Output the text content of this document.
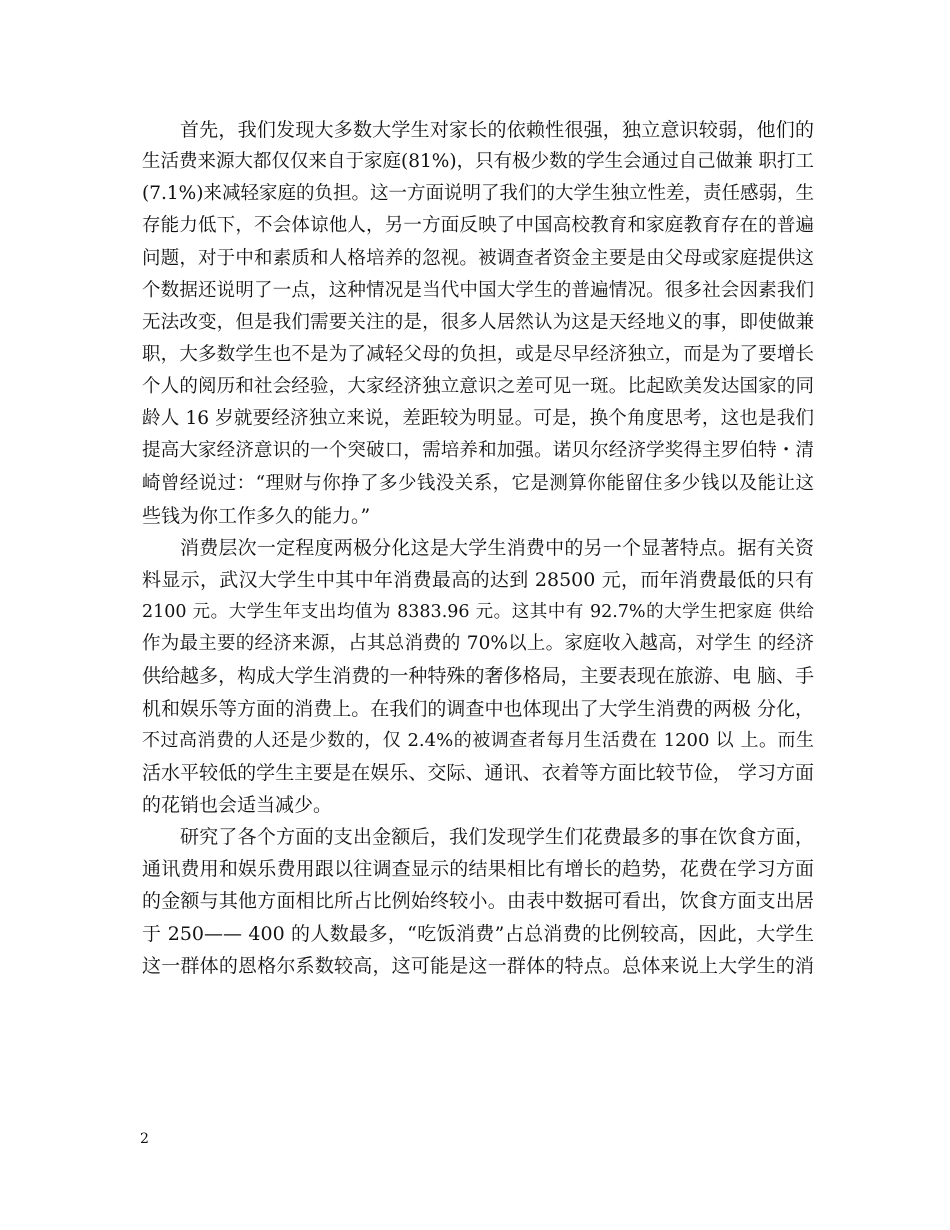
首先，我们发现大多数大学生对家长的依赖性很强，独立意识较弱，他们的
生活费来源大都仅仅来自于家庭(81%)，只有极少数的学生会通过自己做兼 职打工
(7.1%)来减轻家庭的负担。这一方面说明了我们的大学生独立性差，责任感弱，生
存能力低下，不会体谅他人，另一方面反映了中国高校教育和家庭教育存在的普遍
问题，对于中和素质和人格培养的忽视。被调查者资金主要是由父母或家庭提供这
个数据还说明了一点，这种情况是当代中国大学生的普遍情况。很多社会因素我们
无法改变，但是我们需要关注的是，很多人居然认为这是天经地义的事，即使做兼
职，大多数学生也不是为了减轻父母的负担，或是尽早经济独立，而是为了要增长
个人的阅历和社会经验，大家经济独立意识之差可见一斑。比起欧美发达国家的同
龄人 16 岁就要经济独立来说，差距较为明显。可是，换个角度思考，这也是我们
提高大家经济意识的一个突破口，需培养和加强。诺贝尔经济学奖得主罗伯特・清
崎曾经说过：“理财与你挣了多少钱没关系，它是测算你能留住多少钱以及能让这
些钱为你工作多久的能力。”
消费层次一定程度两极分化这是大学生消费中的另一个显著特点。据有关资
料显示，武汉大学生中其中年消费最高的达到 28500 元，而年消费最低的只有
2100 元。大学生年支出均值为 8383.96 元。这其中有 92.7%的大学生把家庭 供给
作为最主要的经济来源，占其总消费的 70%以上。家庭收入越高，对学生 的经济
供给越多，构成大学生消费的一种特殊的奢侈格局，主要表现在旅游、电 脑、手
机和娱乐等方面的消费上。在我们的调查中也体现出了大学生消费的两极 分化，
不过高消费的人还是少数的，仅 2.4%的被调查者每月生活费在 1200 以 上。而生
活水平较低的学生主要是在娱乐、交际、通讯、衣着等方面比较节俭， 学习方面
的花销也会适当减少。
研究了各个方面的支出金额后，我们发现学生们花费最多的事在饮食方面，
通讯费用和娱乐费用跟以往调查显示的结果相比有增长的趋势，花费在学习方面
的金额与其他方面相比所占比例始终较小。由表中数据可看出，饮食方面支出居
于 250—— 400 的人数最多，“吃饭消费”占总消费的比例较高，因此，大学生
这一群体的恩格尔系数较高，这可能是这一群体的特点。总体来说上大学生的消
2
